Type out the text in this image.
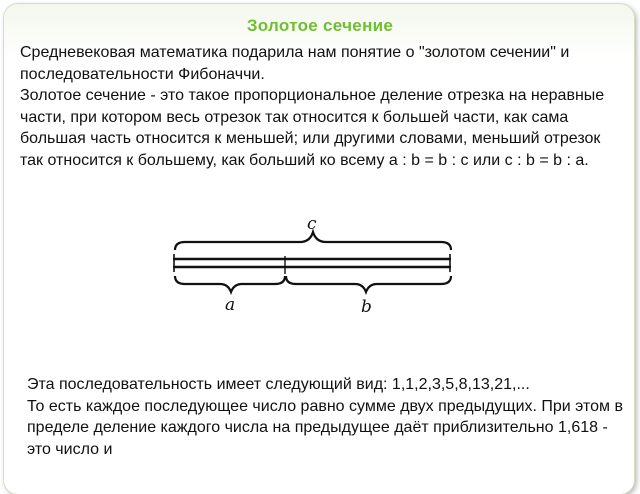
Золотое сечение

Средневековая математика подарила нам понятие о "золотом сечении" и последовательности Фибоначчи.

Золотое сечение - это такое пропорциональное деление отрезка на неравные части, при котором весь отрезок так относится к большей части, как сама большая часть относится к меньшей; или другими словами, меньший отрезок так относится к большему, как больший ко всему a : b = b : c или c : b = b : a.

c
a	b

Эта последовательность имеет следующий вид: 1,1,2,3,5,8,13,21,...

То есть каждое последующее число равно сумме двух предыдущих. При этом в пределе деление каждого числа на предыдущее даёт приблизительно 1,618 - это число и
